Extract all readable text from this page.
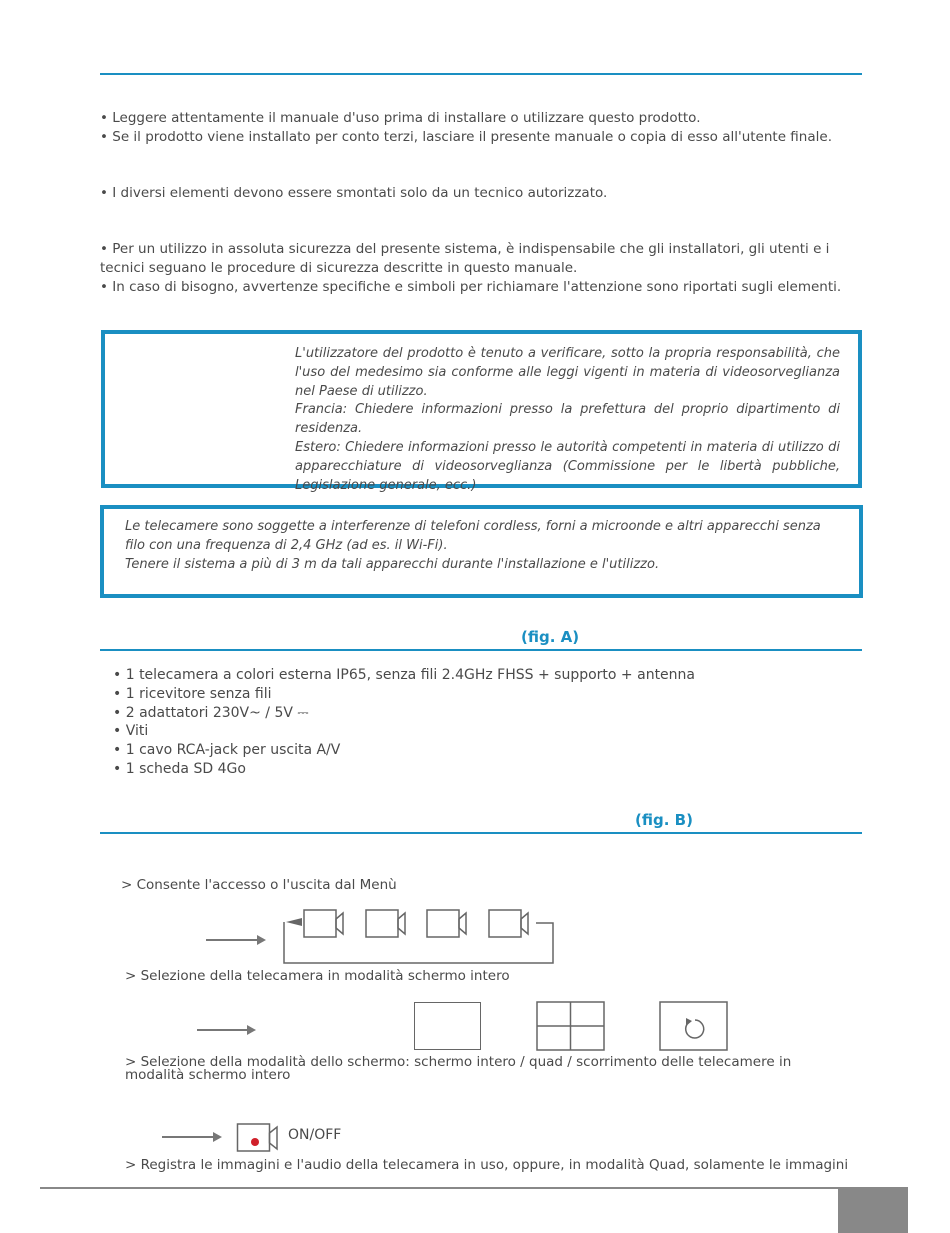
• Leggere attentamente il manuale d'uso prima di installare o utilizzare questo prodotto.

• Se il prodotto viene installato per conto terzi, lasciare il presente manuale o copia di esso all'utente finale.

• I diversi elementi devono essere smontati solo da un tecnico autorizzato.

• Per un utilizzo in assoluta sicurezza del presente sistema, è indispensabile che gli installatori, gli utenti e i tecnici seguano le procedure di sicurezza descritte in questo manuale.

• In caso di bisogno, avvertenze specifiche e simboli per richiamare l'attenzione sono riportati sugli elementi.

L'utilizzatore del prodotto è tenuto a verificare, sotto la propria responsabilità, che l'uso del medesimo sia conforme alle leggi vigenti in materia di videosorveglianza nel Paese di utilizzo.
Francia: Chiedere informazioni presso la prefettura del proprio dipartimento di residenza.
Estero: Chiedere informazioni presso le autorità competenti in materia di utilizzo di apparecchiature di videosorveglianza (Commissione per le libertà pubbliche, Legislazione generale, ecc.)
Le telecamere sono soggette a interferenze di telefoni cordless, forni a microonde e altri apparecchi senza filo con una frequenza di 2,4 GHz (ad es. il Wi-Fi).
Tenere il sistema a più di 3 m da tali apparecchi durante l'installazione e l'utilizzo.
(fig. A)
• 1 telecamera a colori esterna IP65, senza fili 2.4GHz FHSS + supporto + antenna
• 1 ricevitore senza fili
• 2 adattatori 230V~ / 5V ⎓
• Viti
• 1 cavo RCA-jack per uscita A/V
• 1 scheda SD 4Go
(fig. B)
> Consente l'accesso o l'uscita dal Menù
> Selezione della telecamera in modalità schermo intero
> Selezione della modalità dello schermo: schermo intero / quad / scorrimento delle telecamere in modalità schermo intero
ON/OFF
> Registra le immagini e l'audio della telecamera in uso, oppure, in modalità Quad, solamente le immagini
